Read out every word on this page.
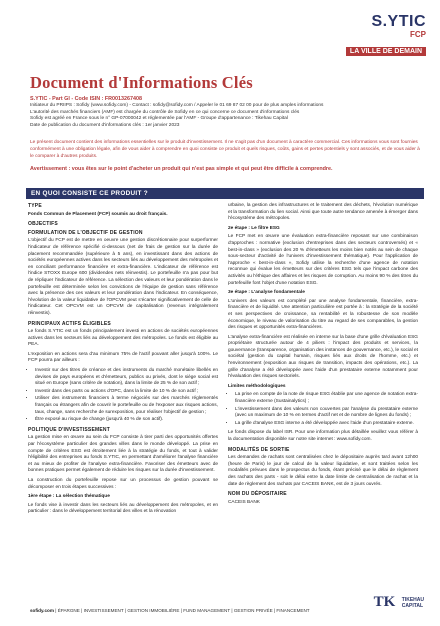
S.YTIC
FCP
LA VILLE DE DEMAIN
Document d'Informations Clés
S.YTIC - Part GI - Code ISIN : FR0013267408
Initiateur du PRIIPS : Sofidy (www.sofidy.com) - Contact : sofidy@sofidy.com / Appeler le 01 69 87 02 00 pour de plus amples informations
L'autorité des marchés financiers (AMF) est chargée du contrôle de Sofidy en ce qui concerne ce document d'informations clés
Sofidy est agréé en France sous le n° GP-07000042 et réglementée par l'AMF - Groupe d'appartenance : Tikehau Capital
Date de publication du document d'informations clés : 1er janvier 2023
Le présent document contient des informations essentielles sur le produit d'investissement. Il ne s'agit pas d'un document à caractère commercial. Ces informations vous sont fournies conformément à une obligation légale, afin de vous aider à comprendre en quoi consiste ce produit et quels risques, coûts, gains et pertes potentiels y sont associés, et de vous aider à le comparer à d'autres produits.
Avertissement : vous êtes sur le point d'acheter un produit qui n'est pas simple et qui peut être difficile à comprendre.
EN QUOI CONSISTE CE PRODUIT ?
TYPE

Fonds Commun de Placement (FCP) soumis au droit français.

OBJECTIFS
FORMULATION DE L'OBJECTIF DE GESTION

L'objectif du FCP est de mettre en oeuvre une gestion discrétionnaire pour surperformer l'indicateur de référence spécifié ci-dessous (net de frais de gestion sur la durée de placement recommandée (supérieure à 5 ans), en investissant dans des actions de sociétés européennes actives dans les secteurs liés au développement des métropoles et en conciliant performance financière et extra-financière. L'indicateur de référence est l'indice STOXX Europe 600 (dividendes nets réinvestis). Le portefeuille n'a pas pour but de répliquer l'indicateur de référence. La sélection des valeurs et leur pondération dans le portefeuille est déterminée selon les convictions de l'équipe de gestion sans référence avec la présence des ces valeurs et leur pondération dans l'indicateur. En conséquence, l'évolution de la valeur liquidative de l'OPCVM peut s'écarter significativement de celle de l'indicateur. Cet OPCVM est un OPCVM de capitalisation (revenus intégralement réinvestis).

PRINCIPAUX ACTIFS ÉLIGIBLES

Le fonds S.YTIC est un fonds principalement investi en actions de sociétés européennes actives dans les secteurs liés au développement des métropoles. Le fonds est éligible au PEA.

L'exposition en actions sera d'au minimum 75% de l'actif pouvant aller jusqu'à 100%. Le FCP pourra par ailleurs :

• Investir sur des titres de créance et des instruments du marché monétaire libellés en devises de pays européens et d'émetteurs, publics ou privés, dont le siège social est situé en Europe (sans critère de notation), dans la limite de 25 % de son actif ;
• Investir dans des parts ou actions d'OPC, dans la limite de 10 % de son actif ;
• Utiliser des instruments financiers à terme négociés sur des marchés réglementés français ou étrangers afin de couvrir le portefeuille ou de l'exposer aux risques actions, taux, change, sans recherche de surexposition, pour réaliser l'objectif de gestion ;
• Être exposé au risque de change (jusqu'à 40 % de son actif).
POLITIQUE D'INVESTISSEMENT

La gestion mise en œuvre au sein du FCP consiste à tirer parti des opportunités offertes par l'écosystème particulier des grandes villes dans le monde développé. La prise en compte de critères ESG est étroitement liée à la stratégie du fonds, et tout à valider l'éligibilité des entreprises au fonds S.YTIC, en permettant d'améliorer l'analyse financière et au mieux de profiter de l'analyse extra-financière. Favoriser des émetteurs avec de bonnes pratiques permet également de réduire les risques sur la durée d'investissement.

La construction du portefeuille repose sur un processus de gestion pouvant se décomposer en trois étapes successives :

1ère étape : La sélection thématique

Le fonds vise à investir dans les secteurs liés au développement des métropoles, et en particulier : dans le développement territorial des villes et la rénovation

urbaine, la gestion des infrastructures et le traitement des déchets, l'évolution numérique et la transformation du lien social. Ainsi que toute autre tendance amenée à émerger dans l'écosystème des métropoles.

2e étape : Le filtre ESG

Le FCP met en œuvre une évaluation extra-financière reposant sur une combinaison d'approches : normative (exclusion d'entreprises dans des secteurs controversés) et « best-in-class » (exclusion des 20 % d'émetteurs les moins bien notés au sein de chaque sous-secteur d'activité de l'univers d'investissement thématique). Pour l'application de l'approche « best-in-class », Sofidy utilise la recherche d'une agence de notation reconnue qui évalue les émetteurs sur des critères ESG tels que l'impact carbone des activités ou l'éthique des affaires et les risques de corruption. Au moins 90 % des titres du portefeuille font l'objet d'une notation ESG.

3e étape : L'analyse fondamentale

L'univers des valeurs est complété par une analyse fondamentale, financière, extra-financière et de liquidité. Une attention particulière est portée à : la stratégie de la société et ses perspectives de croissance, sa rentabilité et la robustesse de son modèle économique, le niveau de valorisation du titre au regard de ses comparables, la gestion des risques et opportunités extra-financières.

L'analyse extra-financière est réalisée en interne sur la base d'une grille d'évaluation ESG propriétaire structurée autour de 4 piliers : l'impact des produits et services, la gouvernance (transparence, organisation des instances de gouvernance, etc.), le social et sociétal (gestion du capital humain, risques liés aux droits de l'homme, etc.) et l'environnement (exposition aux risques de transition, impacts des opérations, etc.). La grille d'analyse a été développée avec l'aide d'un prestataire externe notamment pour l'évaluation des risques sectoriels.

Limites méthodologiques
• La prise en compte de la note de risque ESG établie par une agence de notation extra-financière externe (Sustainalytics) ;
• L'investissement dans des valeurs non couvertes par l'analyse du prestataire externe (avec un maximum de 10 % en termes d'actif net et de nombre de lignes du fonds) ;
• La grille d'analyse ESG interne a été développée avec l'aide d'un prestataire externe.

Le fonds dispose du label ISR. Pour une information plus détaillée veuillez vous référer à la documentation disponible sur notre site internet : www.sofidy.com.

MODALITÉS DE SORTIE

Les demandes de rachats sont centralisées chez le dépositaire auprès tard avant 12h00 (heure de Paris) le jour de calcul de la valeur liquidative, et sont traitées selon les modalités prévues dans le prospectus du fonds, étant précisé que le délai de règlement des rachats des parts - soit le délai entre la date limite de centralisation de rachat et la date de règlement des rachats par CACEIS BANK, est de 3 jours ouvrés.

NOM DU DÉPOSITAIRE

CACEIS BANK

sofidy.com | ÉPARGNE | INVESTISSEMENT | GESTION IMMOBILIÈRE | FUND MANAGEMENT | GESTION PRIVÉE | FINANCEMENT
TK TIKEHAU
CAPITAL
